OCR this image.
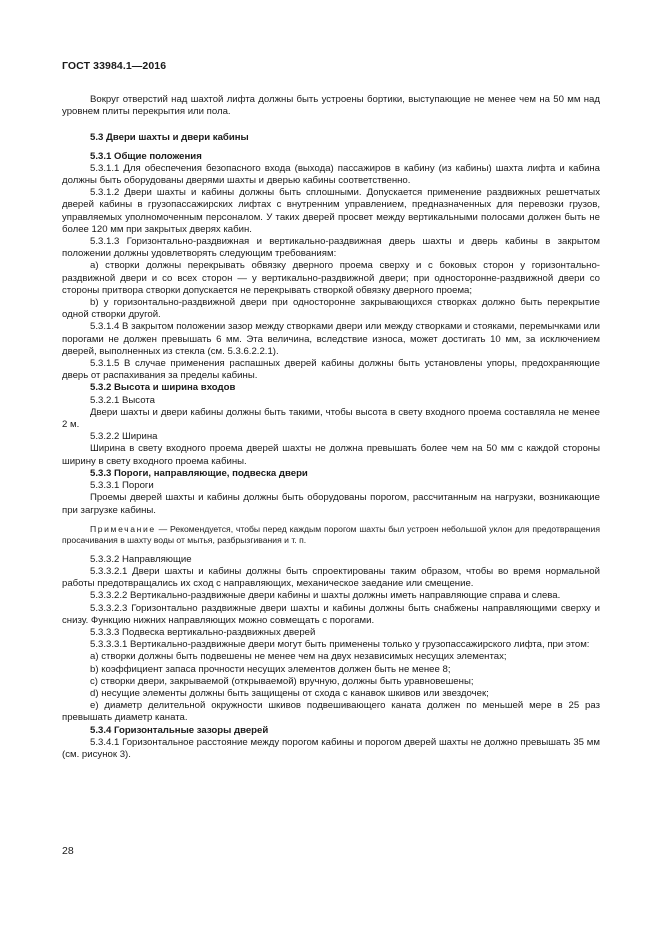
ГОСТ 33984.1—2016

Вокруг отверстий над шахтой лифта должны быть устроены бортики, выступающие не менее чем на 50 мм над уровнем плиты перекрытия или пола.

5.3 Двери шахты и двери кабины

5.3.1 Общие положения

5.3.1.1 Для обеспечения безопасного входа (выхода) пассажиров в кабину (из кабины) шахта лифта и кабина должны быть оборудованы дверями шахты и дверью кабины соответственно.

5.3.1.2 Двери шахты и кабины должны быть сплошными. Допускается применение раздвижных решетчатых дверей кабины в грузопассажирских лифтах с внутренним управлением, предназначенных для перевозки грузов, управляемых уполномоченным персоналом. У таких дверей просвет между вертикальными полосами должен быть не более 120 мм при закрытых дверях кабин.

5.3.1.3 Горизонтально-раздвижная и вертикально-раздвижная дверь шахты и дверь кабины в закрытом положении должны удовлетворять следующим требованиям:

а) створки должны перекрывать обвязку дверного проема сверху и с боковых сторон у горизонтально-раздвижной двери и со всех сторон — у вертикально-раздвижной двери; при односторонне-раздвижной двери со стороны притвора створки допускается не перекрывать створкой обвязку дверного проема;

b) у горизонтально-раздвижной двери при односторонне закрывающихся створках должно быть перекрытие одной створки другой.

5.3.1.4 В закрытом положении зазор между створками двери или между створками и стояками, перемычками или порогами не должен превышать 6 мм. Эта величина, вследствие износа, может достигать 10 мм, за исключением дверей, выполненных из стекла (см. 5.3.6.2.2.1).

5.3.1.5 В случае применения распашных дверей кабины должны быть установлены упоры, предохраняющие дверь от распахивания за пределы кабины.

5.3.2 Высота и ширина входов

5.3.2.1 Высота

Двери шахты и двери кабины должны быть такими, чтобы высота в свету входного проема составляла не менее 2 м.

5.3.2.2 Ширина

Ширина в свету входного проема дверей шахты не должна превышать более чем на 50 мм с каждой стороны ширину в свету входного проема кабины.

5.3.3 Пороги, направляющие, подвеска двери

5.3.3.1 Пороги

Проемы дверей шахты и кабины должны быть оборудованы порогом, рассчитанным на нагрузки, возникающие при загрузке кабины.

Примечание — Рекомендуется, чтобы перед каждым порогом шахты был устроен небольшой уклон для предотвращения просачивания в шахту воды от мытья, разбрызгивания и т. п.

5.3.3.2 Направляющие

5.3.3.2.1 Двери шахты и кабины должны быть спроектированы таким образом, чтобы во время нормальной работы предотвращались их сход с направляющих, механическое заедание или смещение.

5.3.3.2.2 Вертикально-раздвижные двери кабины и шахты должны иметь направляющие справа и слева.

5.3.3.2.3 Горизонтально раздвижные двери шахты и кабины должны быть снабжены направляющими сверху и снизу. Функцию нижних направляющих можно совмещать с порогами.

5.3.3.3 Подвеска вертикально-раздвижных дверей

5.3.3.3.1 Вертикально-раздвижные двери могут быть применены только у грузопассажирского лифта, при этом:

а) створки должны быть подвешены не менее чем на двух независимых несущих элементах;

b) коэффициент запаса прочности несущих элементов должен быть не менее 8;

c) створки двери, закрываемой (открываемой) вручную, должны быть уравновешены;

d) несущие элементы должны быть защищены от схода с канавок шкивов или звездочек;

е) диаметр делительной окружности шкивов подвешивающего каната должен по меньшей мере в 25 раз превышать диаметр каната.

5.3.4 Горизонтальные зазоры дверей

5.3.4.1 Горизонтальное расстояние между порогом кабины и порогом дверей шахты не должно превышать 35 мм (см. рисунок 3).

28
